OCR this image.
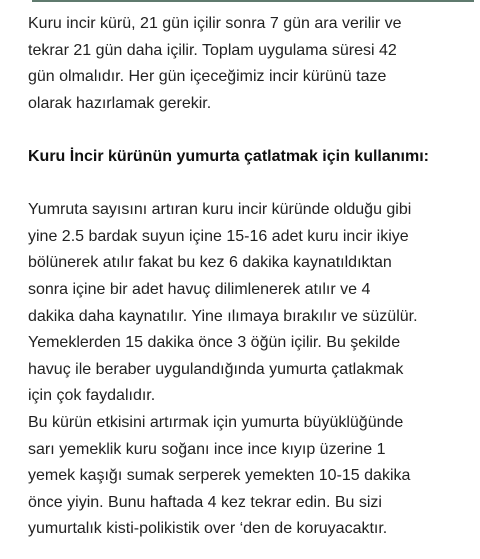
Kuru incir kürü, 21 gün içilir sonra 7 gün ara verilir ve
tekrar 21 gün daha içilir. Toplam uygulama süresi 42
gün olmalıdır. Her gün içeceğimiz incir kürünü taze
olarak hazırlamak gerekir.

Kuru İncir kürünün yumurta çatlatmak için kullanımı:

Yumruta sayısını artıran kuru incir küründe olduğu gibi
yine 2.5 bardak suyun içine 15-16 adet kuru incir ikiye
bölünerek atılır fakat bu kez 6 dakika kaynatıldıktan
sonra içine bir adet havuç dilimlenerek atılır ve 4
dakika daha kaynatılır. Yine ılımaya bırakılır ve süzülür.
Yemeklerden 15 dakika önce 3 öğün içilir. Bu şekilde
havuç ile beraber uygulandığında yumurta çatlakmak
için çok faydalıdır.

Bu kürün etkisini artırmak için yumurta büyüklüğünde
sarı yemeklik kuru soğanı ince ince kıyıp üzerine 1
yemek kaşığı sumak serperek yemekten 10-15 dakika
önce yiyin. Bunu haftada 4 kez tekrar edin. Bu sizi
yumurtalık kisti-polikistik over ‘den de koruyacaktır.
